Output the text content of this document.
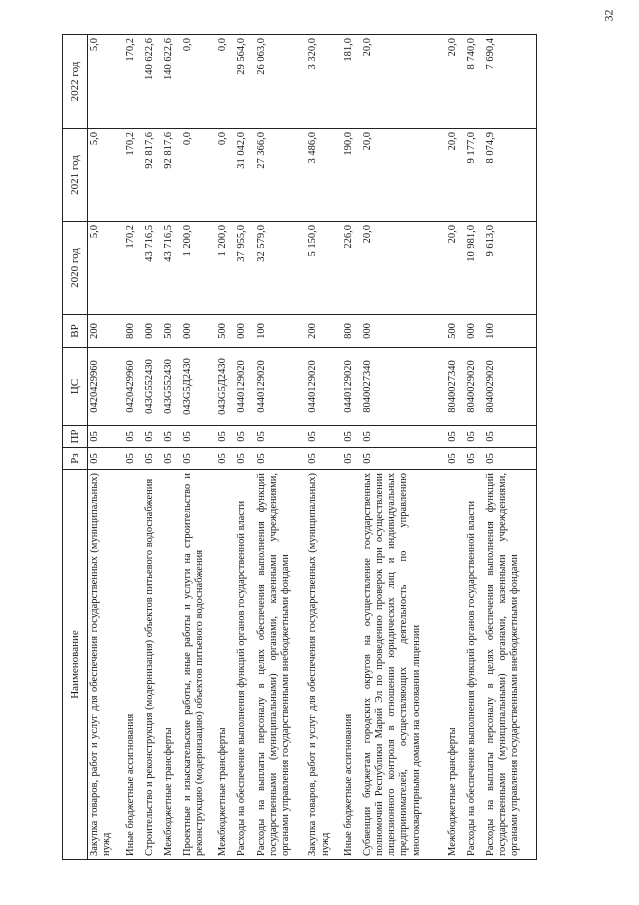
32
Наименование	Рз	ПР	ЦС	ВР	2020 год	2021 год	2022 год
Закупка товаров, работ и услуг для обеспечения государственных (муниципальных) нужд	05	05	0420429960	200	5,0	5,0	5,0
Иные бюджетные ассигнования	05	05	0420429960	800	170,2	170,2	170,2
Строительство и реконструкция (модернизация) объектов питьевого водоснабжения	05	05	043G552430	000	43 716,5	92 817,6	140 622,6
Межбюджетные трансферты	05	05	043G552430	500	43 716,5	92 817,6	140 622,6
Проектные и изыскательские работы, иные работы и услуги на строительство и реконструкцию (модернизацию) объектов питьевого водоснабжения	05	05	043G5Д2430	000	1 200,0	0,0	0,0
Межбюджетные трансферты	05	05	043G5Д2430	500	1 200,0	0,0	0,0
Расходы на обеспечение выполнения функций органов государственной власти	05	05	0440129020	000	37 955,0	31 042,0	29 564,0
Расходы на выплаты персоналу в целях обеспечения выполнения функций государственными (муниципальными) органами, казенными учреждениями, органами управления государственными внебюджетными фондами	05	05	0440129020	100	32 579,0	27 366,0	26 063,0
Закупка товаров, работ и услуг для обеспечения государственных (муниципальных) нужд	05	05	0440129020	200	5 150,0	3 486,0	3 320,0
Иные бюджетные ассигнования	05	05	0440129020	800	226,0	190,0	181,0
Субвенции бюджетам городских округов на осуществление государственных полномочий Республики Марий Эл по проведению проверок при осуществлении лицензионного контроля в отношении юридических лиц и индивидуальных предпринимателей, осуществляющих деятельность по управлению многоквартирными домами на основании лицензии	05	05	8040027340	000	20,0	20,0	20,0
Межбюджетные трансферты	05	05	8040027340	500	20,0	20,0	20,0
Расходы на обеспечение выполнения функций органов государственной власти	05	05	8040029020	000	10 981,0	9 177,0	8 740,0
Расходы на выплаты персоналу в целях обеспечения выполнения функций государственными (муниципальными) органами, казенными учреждениями, органами управления государственными внебюджетными фондами	05	05	8040029020	100	9 613,0	8 074,9	7 690,4
